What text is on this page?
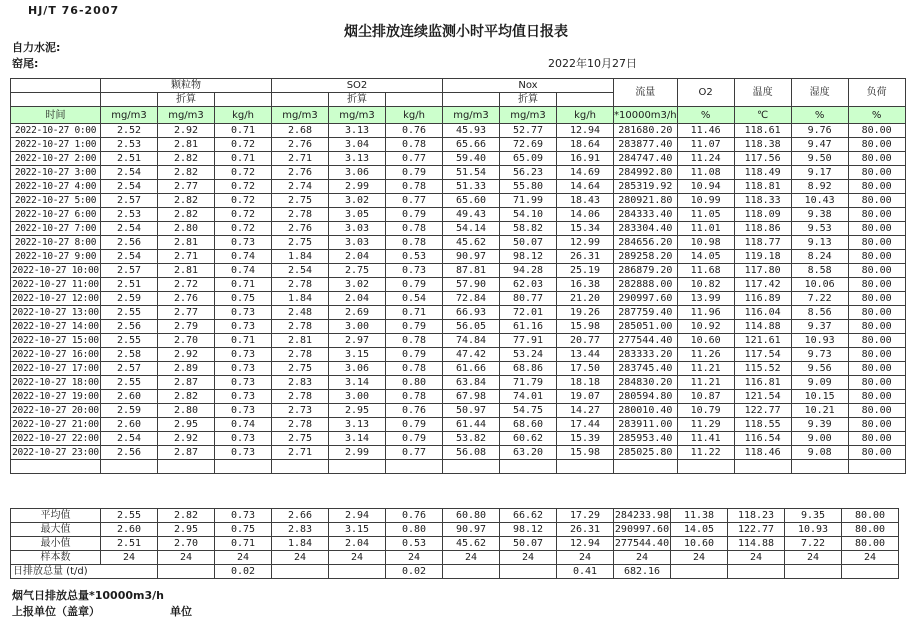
HJ/T 76-2007
烟尘排放连续监测小时平均值日报表
自力水泥:
窑尾:	2022年10月27日
	颗粒物			SO2			Nox			流量	O2	温度	湿度	负荷
		折算			折算			折算						
时间	mg/m3	mg/m3	kg/h	mg/m3	mg/m3	kg/h	mg/m3	mg/m3	kg/h	*10000m3/h	%	℃	%	%
2022-10-27 0:00	2.52	2.92	0.71	2.68	3.13	0.76	45.93	52.77	12.94	281680.20	11.46	118.61	9.76	80.00
2022-10-27 1:00	2.53	2.81	0.72	2.76	3.04	0.78	65.66	72.69	18.64	283877.40	11.07	118.38	9.47	80.00
2022-10-27 2:00	2.51	2.82	0.71	2.71	3.13	0.77	59.40	65.09	16.91	284747.40	11.24	117.56	9.50	80.00
2022-10-27 3:00	2.54	2.82	0.72	2.76	3.06	0.79	51.54	56.23	14.69	284992.80	11.08	118.49	9.17	80.00
2022-10-27 4:00	2.54	2.77	0.72	2.74	2.99	0.78	51.33	55.80	14.64	285319.92	10.94	118.81	8.92	80.00
2022-10-27 5:00	2.57	2.82	0.72	2.75	3.02	0.77	65.60	71.99	18.43	280921.80	10.99	118.33	10.43	80.00
2022-10-27 6:00	2.53	2.82	0.72	2.78	3.05	0.79	49.43	54.10	14.06	284333.40	11.05	118.09	9.38	80.00
2022-10-27 7:00	2.54	2.80	0.72	2.76	3.03	0.78	54.14	58.82	15.34	283304.40	11.01	118.86	9.53	80.00
2022-10-27 8:00	2.56	2.81	0.73	2.75	3.03	0.78	45.62	50.07	12.99	284656.20	10.98	118.77	9.13	80.00
2022-10-27 9:00	2.54	2.71	0.74	1.84	2.04	0.53	90.97	98.12	26.31	289258.20	14.05	119.18	8.24	80.00
2022-10-27 10:00	2.57	2.81	0.74	2.54	2.75	0.73	87.81	94.28	25.19	286879.20	11.68	117.80	8.58	80.00
2022-10-27 11:00	2.51	2.72	0.71	2.78	3.02	0.79	57.90	62.03	16.38	282888.00	10.82	117.42	10.06	80.00
2022-10-27 12:00	2.59	2.76	0.75	1.84	2.04	0.54	72.84	80.77	21.20	290997.60	13.99	116.89	7.22	80.00
2022-10-27 13:00	2.55	2.77	0.73	2.48	2.69	0.71	66.93	72.01	19.26	287759.40	11.96	116.04	8.56	80.00
2022-10-27 14:00	2.56	2.79	0.73	2.78	3.00	0.79	56.05	61.16	15.98	285051.00	10.92	114.88	9.37	80.00
2022-10-27 15:00	2.55	2.70	0.71	2.81	2.97	0.78	74.84	77.91	20.77	277544.40	10.60	121.61	10.93	80.00
2022-10-27 16:00	2.58	2.92	0.73	2.78	3.15	0.79	47.42	53.24	13.44	283333.20	11.26	117.54	9.73	80.00
2022-10-27 17:00	2.57	2.89	0.73	2.75	3.06	0.78	61.66	68.86	17.50	283745.40	11.21	115.52	9.56	80.00
2022-10-27 18:00	2.55	2.87	0.73	2.83	3.14	0.80	63.84	71.79	18.18	284830.20	11.21	116.81	9.09	80.00
2022-10-27 19:00	2.60	2.82	0.73	2.78	3.00	0.78	67.98	74.01	19.07	280594.80	10.87	121.54	10.15	80.00
2022-10-27 20:00	2.59	2.80	0.73	2.73	2.95	0.76	50.97	54.75	14.27	280010.40	10.79	122.77	10.21	80.00
2022-10-27 21:00	2.60	2.95	0.74	2.78	3.13	0.79	61.44	68.60	17.44	283911.00	11.29	118.55	9.39	80.00
2022-10-27 22:00	2.54	2.92	0.73	2.75	3.14	0.79	53.82	60.62	15.39	285953.40	11.41	116.54	9.00	80.00
2022-10-27 23:00	2.56	2.87	0.73	2.71	2.99	0.77	56.08	63.20	15.98	285025.80	11.22	118.46	9.08	80.00

平均值	2.55	2.82	0.73	2.66	2.94	0.76	60.80	66.62	17.29	284233.98	11.38	118.23	9.35	80.00
最大值	2.60	2.95	0.75	2.83	3.15	0.80	90.97	98.12	26.31	290997.60	14.05	122.77	10.93	80.00
最小值	2.51	2.70	0.71	1.84	2.04	0.53	45.62	50.07	12.94	277544.40	10.60	114.88	7.22	80.00
样本数	24	24	24	24	24	24	24	24	24	24	24	24	24	24
日排放总量 (t/d)			0.02			0.02			0.41	682.16				
烟气日排放总量*10000m3/h
上报单位（盖章）	单位
